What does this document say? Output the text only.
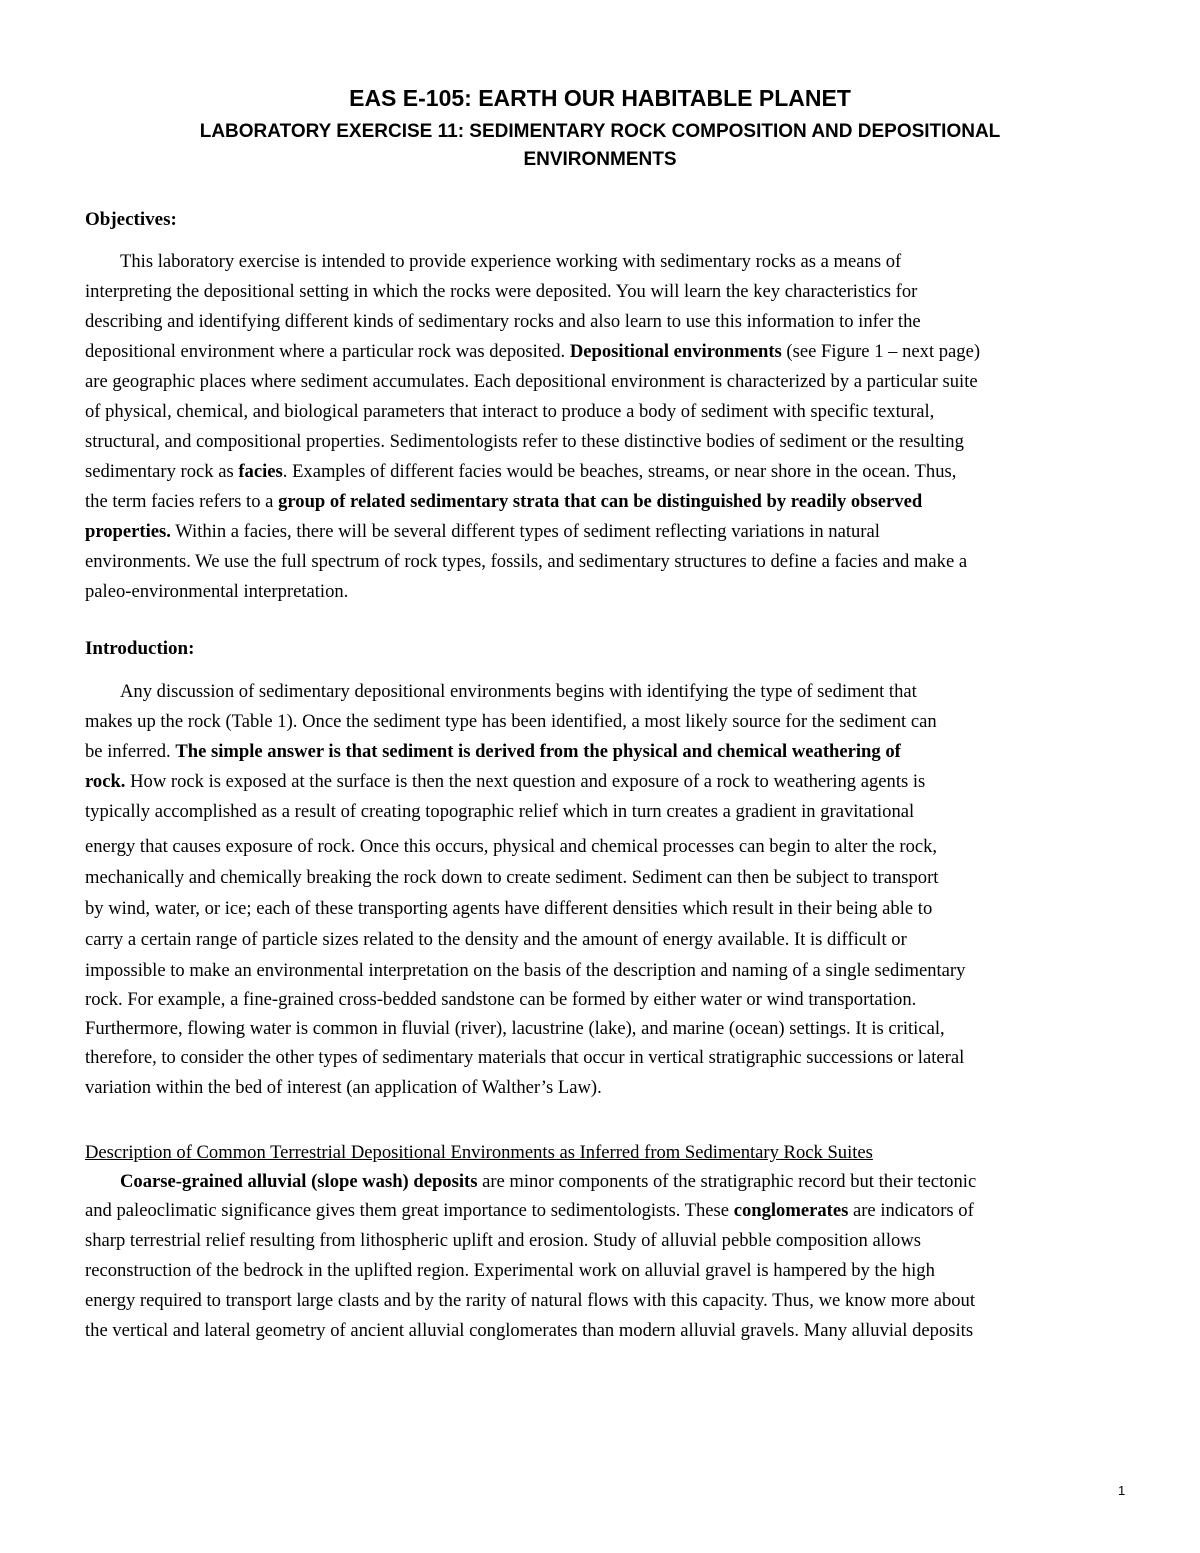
EAS E-105: EARTH OUR HABITABLE PLANET
LABORATORY EXERCISE 11: SEDIMENTARY ROCK COMPOSITION AND DEPOSITIONAL
ENVIRONMENTS
Objectives:
This laboratory exercise is intended to provide experience working with sedimentary rocks as a means of
interpreting the depositional setting in which the rocks were deposited. You will learn the key characteristics for
describing and identifying different kinds of sedimentary rocks and also learn to use this information to infer the
depositional environment where a particular rock was deposited. Depositional environments (see Figure 1 – next page)
are geographic places where sediment accumulates. Each depositional environment is characterized by a particular suite
of physical, chemical, and biological parameters that interact to produce a body of sediment with specific textural,
structural, and compositional properties. Sedimentologists refer to these distinctive bodies of sediment or the resulting
sedimentary rock as facies. Examples of different facies would be beaches, streams, or near shore in the ocean. Thus,
the term facies refers to a group of related sedimentary strata that can be distinguished by readily observed
properties. Within a facies, there will be several different types of sediment reflecting variations in natural
environments. We use the full spectrum of rock types, fossils, and sedimentary structures to define a facies and make a
paleo-environmental interpretation.
Introduction:
Any discussion of sedimentary depositional environments begins with identifying the type of sediment that
makes up the rock (Table 1). Once the sediment type has been identified, a most likely source for the sediment can
be inferred. The simple answer is that sediment is derived from the physical and chemical weathering of
rock. How rock is exposed at the surface is then the next question and exposure of a rock to weathering agents is
typically accomplished as a result of creating topographic relief which in turn creates a gradient in gravitational
energy that causes exposure of rock. Once this occurs, physical and chemical processes can begin to alter the rock,
mechanically and chemically breaking the rock down to create sediment. Sediment can then be subject to transport
by wind, water, or ice; each of these transporting agents have different densities which result in their being able to
carry a certain range of particle sizes related to the density and the amount of energy available. It is difficult or
impossible to make an environmental interpretation on the basis of the description and naming of a single sedimentary
rock. For example, a fine-grained cross-bedded sandstone can be formed by either water or wind transportation.
Furthermore, flowing water is common in fluvial (river), lacustrine (lake), and marine (ocean) settings. It is critical,
therefore, to consider the other types of sedimentary materials that occur in vertical stratigraphic successions or lateral
variation within the bed of interest (an application of Walther’s Law).
Description of Common Terrestrial Depositional Environments as Inferred from Sedimentary Rock Suites
Coarse-grained alluvial (slope wash) deposits are minor components of the stratigraphic record but their tectonic
and paleoclimatic significance gives them great importance to sedimentologists. These conglomerates are indicators of
sharp terrestrial relief resulting from lithospheric uplift and erosion. Study of alluvial pebble composition allows
reconstruction of the bedrock in the uplifted region. Experimental work on alluvial gravel is hampered by the high
energy required to transport large clasts and by the rarity of natural flows with this capacity. Thus, we know more about
the vertical and lateral geometry of ancient alluvial conglomerates than modern alluvial gravels. Many alluvial deposits
1
